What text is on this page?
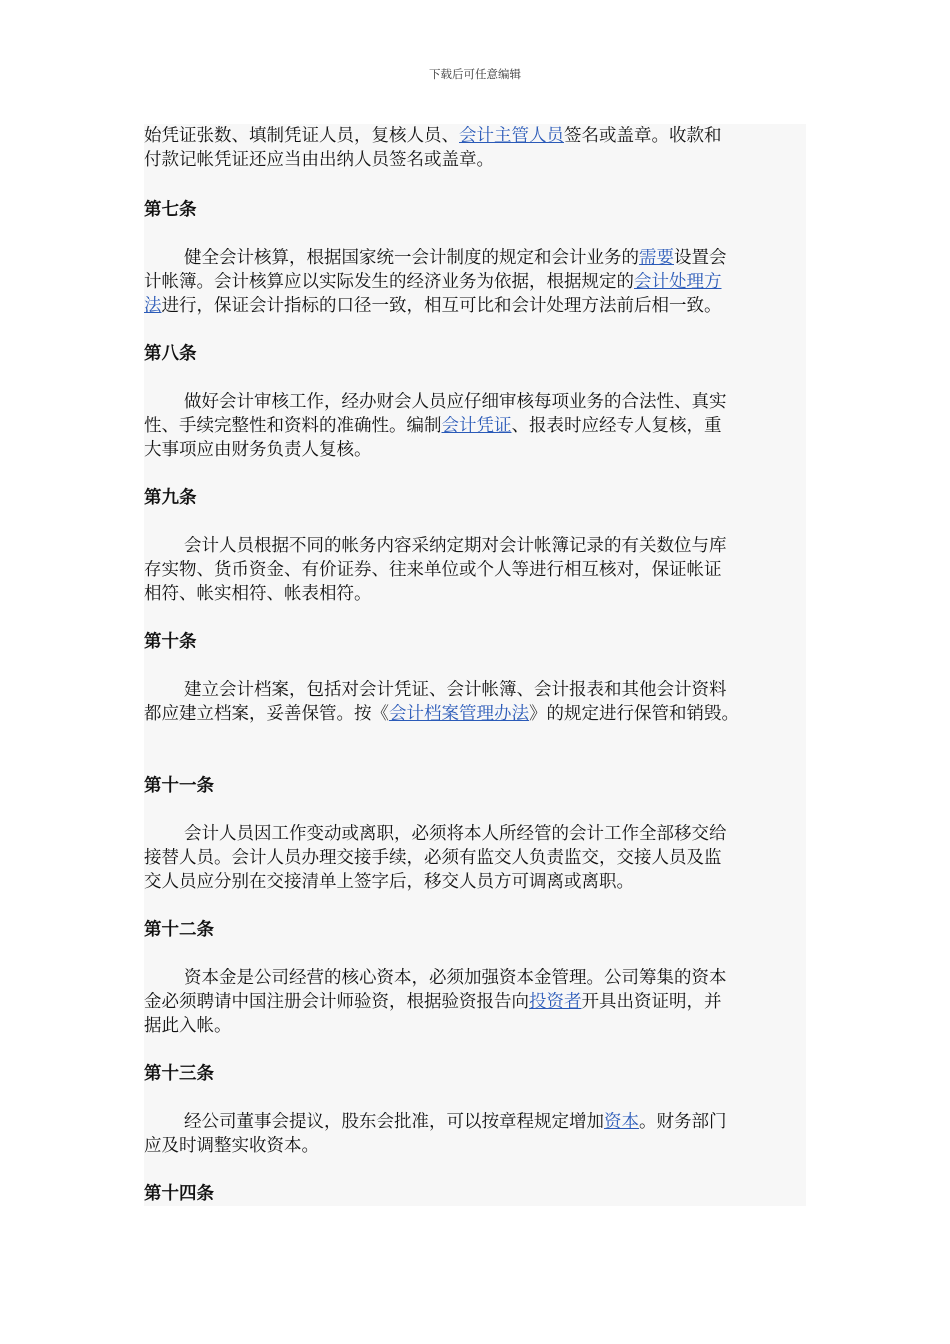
下载后可任意编辑
始凭证张数、填制凭证人员，复核人员、会计主管人员签名或盖章。收款和
付款记帐凭证还应当由出纳人员签名或盖章。
第七条
健全会计核算，根据国家统一会计制度的规定和会计业务的需要设置会
计帐簿。会计核算应以实际发生的经济业务为依据，根据规定的会计处理方
法进行，保证会计指标的口径一致，相互可比和会计处理方法前后相一致。
第八条
做好会计审核工作，经办财会人员应仔细审核每项业务的合法性、真实
性、手续完整性和资料的准确性。编制会计凭证、报表时应经专人复核，重
大事项应由财务负责人复核。
第九条
会计人员根据不同的帐务内容采纳定期对会计帐簿记录的有关数位与库
存实物、货币资金、有价证券、往来单位或个人等进行相互核对，保证帐证
相符、帐实相符、帐表相符。
第十条
建立会计档案，包括对会计凭证、会计帐簿、会计报表和其他会计资料
都应建立档案，妥善保管。按《会计档案管理办法》的规定进行保管和销毁。
第十一条
会计人员因工作变动或离职，必须将本人所经管的会计工作全部移交给
接替人员。会计人员办理交接手续，必须有监交人负责监交，交接人员及监
交人员应分别在交接清单上签字后，移交人员方可调离或离职。
第十二条
资本金是公司经营的核心资本，必须加强资本金管理。公司筹集的资本
金必须聘请中国注册会计师验资，根据验资报告向投资者开具出资证明，并
据此入帐。
第十三条
经公司董事会提议，股东会批准，可以按章程规定增加资本。财务部门
应及时调整实收资本。
第十四条
